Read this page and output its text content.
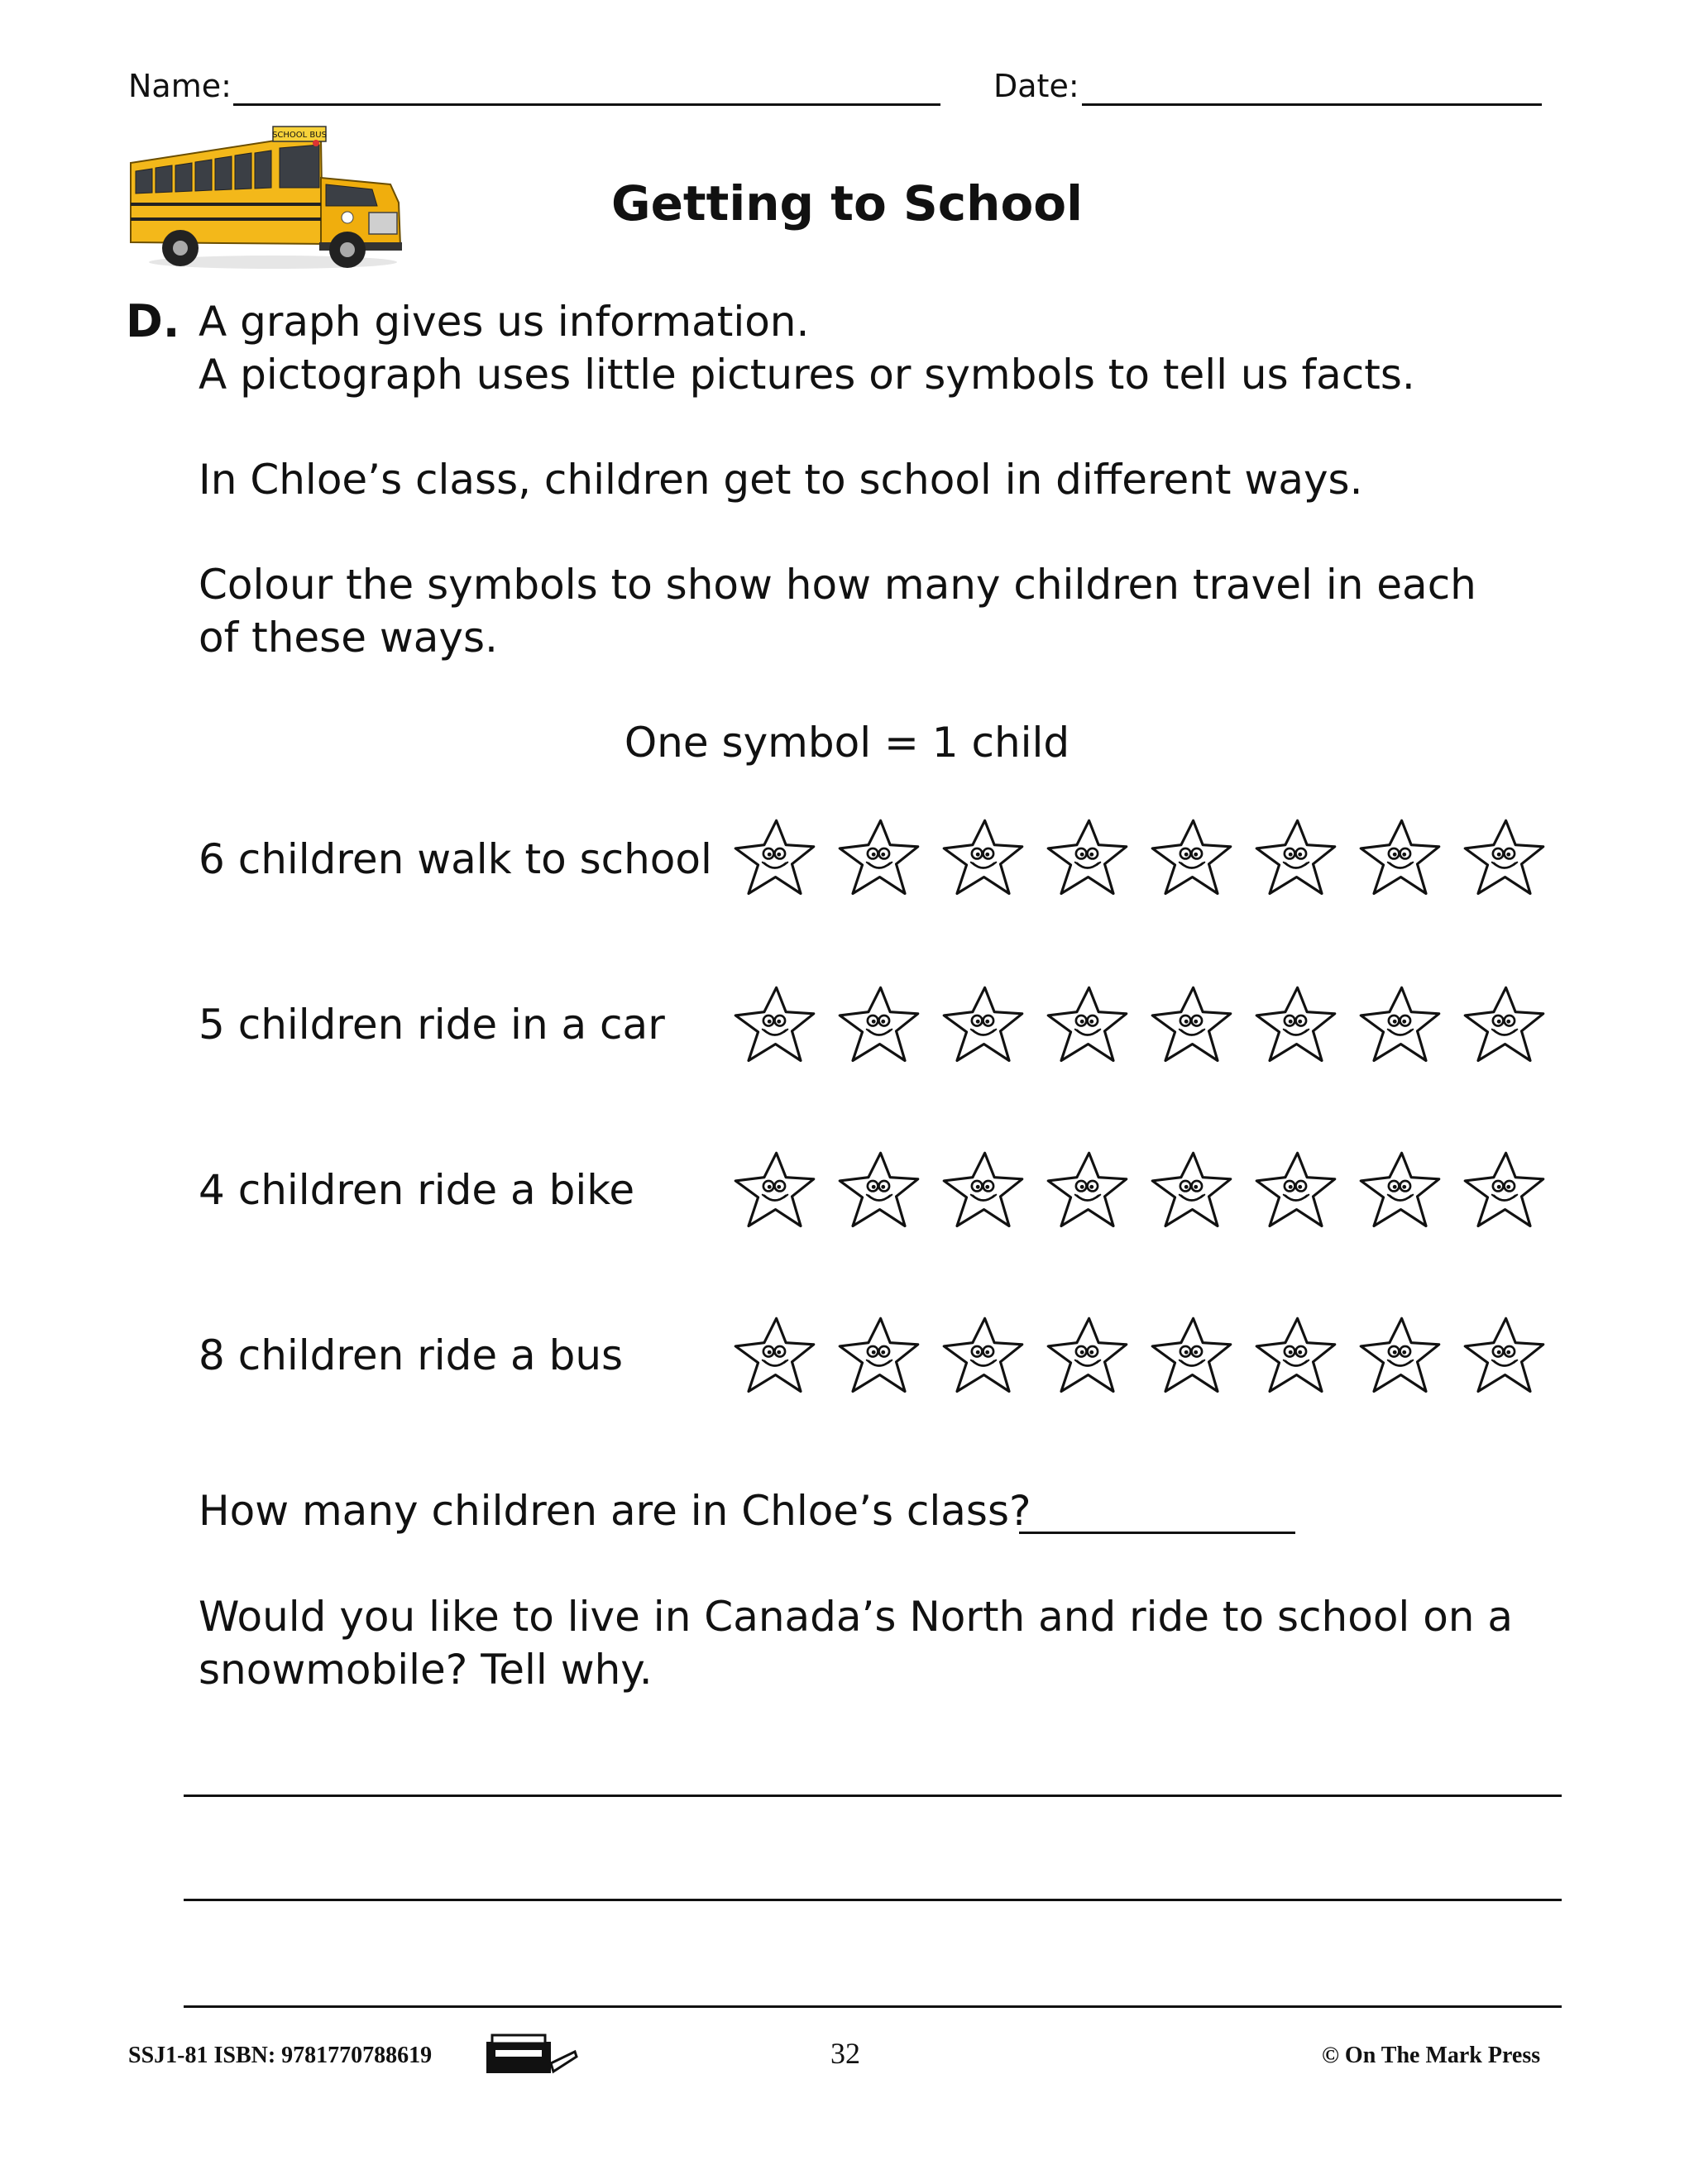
Name:	Date:
SCHOOL BUS
Getting to School
D. A graph gives us information.
A pictograph uses little pictures or symbols to tell us facts.
In Chloe’s class, children get to school in different ways.
Colour the symbols to show how many children travel in each
of these ways.
One symbol = 1 child
6 children walk to school
5 children ride in a car
4 children ride a bike
8 children ride a bus
How many children are in Chloe’s class?
Would you like to live in Canada’s North and ride to school on a
snowmobile? Tell why.
SSJ1-81 ISBN: 9781770788619	32	© On The Mark Press
